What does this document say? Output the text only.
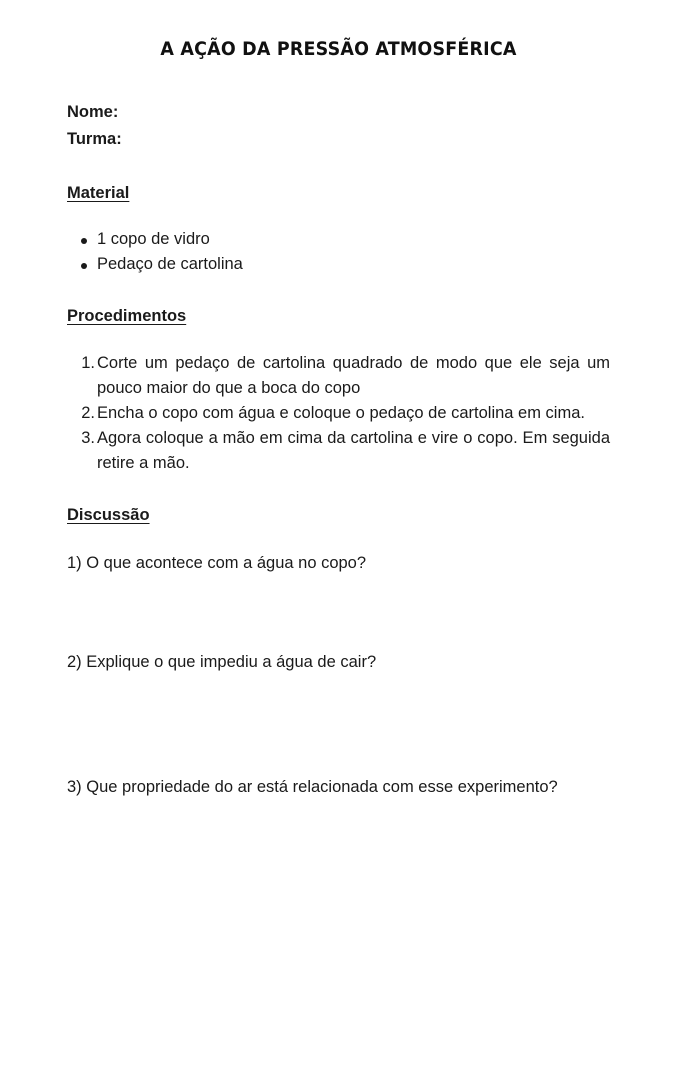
A AÇÃO DA PRESSÃO ATMOSFÉRICA

Nome:

Turma:

Material

1 copo de vidro
Pedaço de cartolina

Procedimentos

1. Corte um pedaço de cartolina quadrado de modo que ele seja um pouco maior do que a boca do copo
2. Encha o copo com água e coloque o pedaço de cartolina em cima.
3. Agora coloque a mão em cima da cartolina e vire o copo. Em seguida retire a mão.

Discussão

1) O que acontece com a água no copo?

2) Explique o que impediu a água de cair?

3) Que propriedade do ar está relacionada com esse experimento?
